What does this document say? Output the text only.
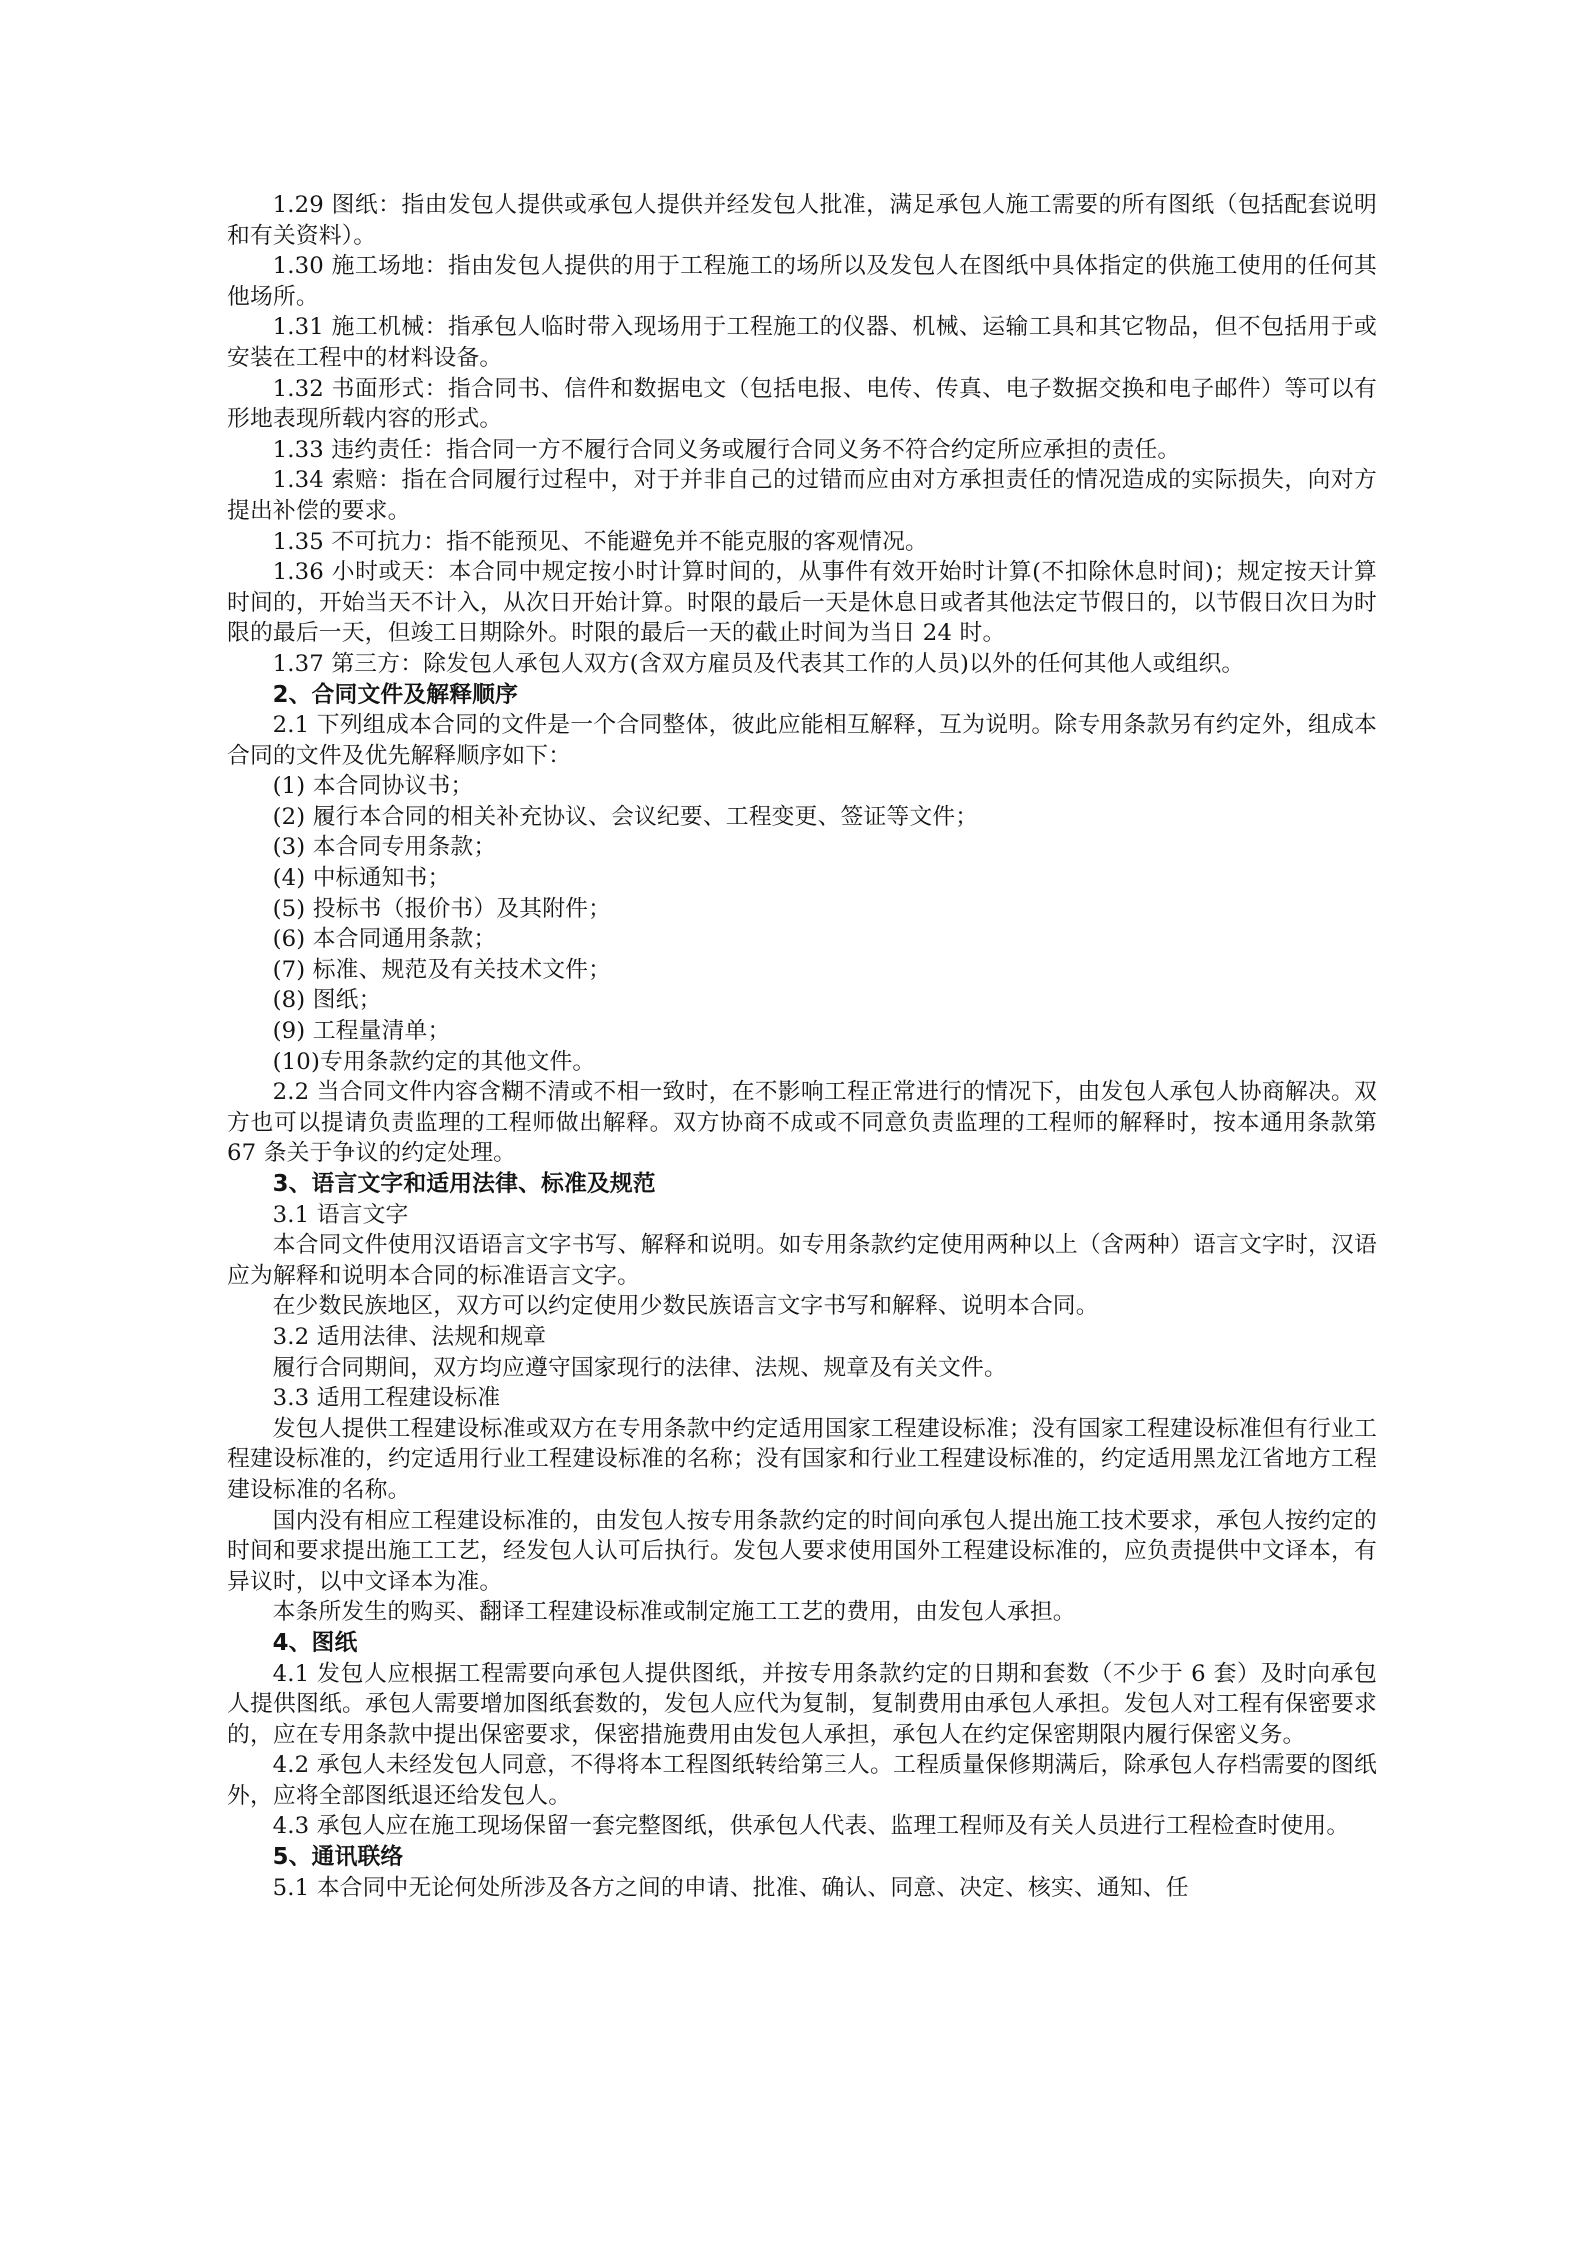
1.29 图纸：指由发包人提供或承包人提供并经发包人批准，满足承包人施工需要的所有图纸（包括配套说明和有关资料）。

1.30 施工场地：指由发包人提供的用于工程施工的场所以及发包人在图纸中具体指定的供施工使用的任何其他场所。

1.31 施工机械：指承包人临时带入现场用于工程施工的仪器、机械、运输工具和其它物品，但不包括用于或安装在工程中的材料设备。

1.32 书面形式：指合同书、信件和数据电文（包括电报、电传、传真、电子数据交换和电子邮件）等可以有形地表现所载内容的形式。

1.33 违约责任：指合同一方不履行合同义务或履行合同义务不符合约定所应承担的责任。

1.34 索赔：指在合同履行过程中，对于并非自己的过错而应由对方承担责任的情况造成的实际损失，向对方提出补偿的要求。

1.35 不可抗力：指不能预见、不能避免并不能克服的客观情况。

1.36 小时或天：本合同中规定按小时计算时间的，从事件有效开始时计算(不扣除休息时间)；规定按天计算时间的，开始当天不计入，从次日开始计算。时限的最后一天是休息日或者其他法定节假日的，以节假日次日为时限的最后一天，但竣工日期除外。时限的最后一天的截止时间为当日 24 时。

1.37 第三方：除发包人承包人双方(含双方雇员及代表其工作的人员)以外的任何其他人或组织。

2、合同文件及解释顺序

2.1 下列组成本合同的文件是一个合同整体，彼此应能相互解释，互为说明。除专用条款另有约定外，组成本合同的文件及优先解释顺序如下：

(1) 本合同协议书；

(2) 履行本合同的相关补充协议、会议纪要、工程变更、签证等文件；

(3) 本合同专用条款；

(4) 中标通知书；

(5) 投标书（报价书）及其附件；

(6) 本合同通用条款；

(7) 标准、规范及有关技术文件；

(8) 图纸；

(9) 工程量清单；

(10)专用条款约定的其他文件。

2.2 当合同文件内容含糊不清或不相一致时，在不影响工程正常进行的情况下，由发包人承包人协商解决。双方也可以提请负责监理的工程师做出解释。双方协商不成或不同意负责监理的工程师的解释时，按本通用条款第 67 条关于争议的约定处理。

3、语言文字和适用法律、标准及规范

3.1 语言文字

本合同文件使用汉语语言文字书写、解释和说明。如专用条款约定使用两种以上（含两种）语言文字时，汉语应为解释和说明本合同的标准语言文字。

在少数民族地区，双方可以约定使用少数民族语言文字书写和解释、说明本合同。

3.2 适用法律、法规和规章

履行合同期间，双方均应遵守国家现行的法律、法规、规章及有关文件。

3.3 适用工程建设标准

发包人提供工程建设标准或双方在专用条款中约定适用国家工程建设标准；没有国家工程建设标准但有行业工程建设标准的，约定适用行业工程建设标准的名称；没有国家和行业工程建设标准的，约定适用黑龙江省地方工程建设标准的名称。

国内没有相应工程建设标准的，由发包人按专用条款约定的时间向承包人提出施工技术要求，承包人按约定的时间和要求提出施工工艺，经发包人认可后执行。发包人要求使用国外工程建设标准的，应负责提供中文译本，有异议时，以中文译本为准。

本条所发生的购买、翻译工程建设标准或制定施工工艺的费用，由发包人承担。

4、图纸

4.1 发包人应根据工程需要向承包人提供图纸，并按专用条款约定的日期和套数（不少于 6 套）及时向承包人提供图纸。承包人需要增加图纸套数的，发包人应代为复制，复制费用由承包人承担。发包人对工程有保密要求的，应在专用条款中提出保密要求，保密措施费用由发包人承担，承包人在约定保密期限内履行保密义务。

4.2 承包人未经发包人同意，不得将本工程图纸转给第三人。工程质量保修期满后，除承包人存档需要的图纸外，应将全部图纸退还给发包人。

4.3 承包人应在施工现场保留一套完整图纸，供承包人代表、监理工程师及有关人员进行工程检查时使用。

5、通讯联络

5.1 本合同中无论何处所涉及各方之间的申请、批准、确认、同意、决定、核实、通知、任
